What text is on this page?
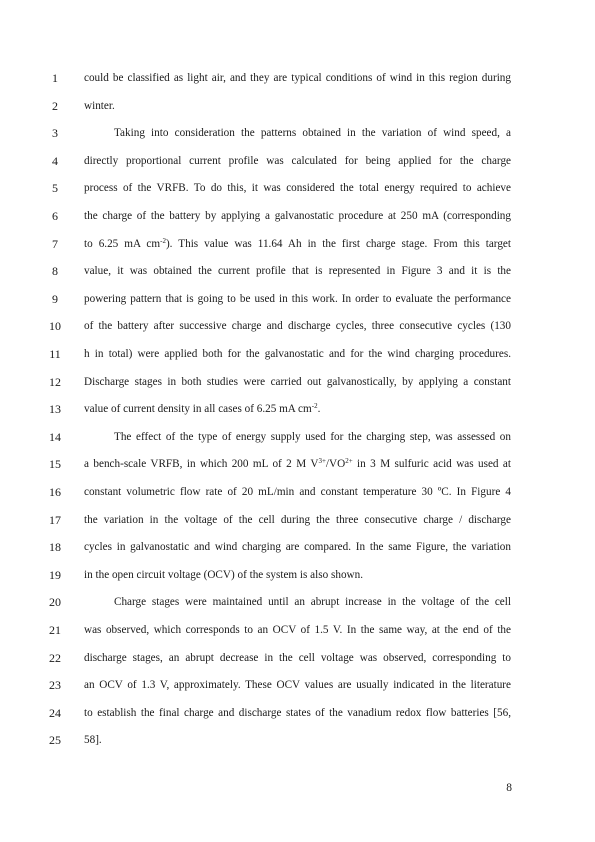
1	could be classified as light air, and they are typical conditions of wind in this region during
2	winter.
3	Taking into consideration the patterns obtained in the variation of wind speed, a
4	directly proportional current profile was calculated for being applied for the charge
5	process of the VRFB. To do this, it was considered the total energy required to achieve
6	the charge of the battery by applying a galvanostatic procedure at 250 mA (corresponding
7	to 6.25 mA $cm^{-2}$). This value was 11.64 Ah in the first charge stage. From this target
8	value, it was obtained the current profile that is represented in Figure 3 and it is the
9	powering pattern that is going to be used in this work. In order to evaluate the performance
10	of the battery after successive charge and discharge cycles, three consecutive cycles (130
11	h in total) were applied both for the galvanostatic and for the wind charging procedures.
12	Discharge stages in both studies were carried out galvanostically, by applying a constant
13	value of current density in all cases of 6.25 mA $cm^{-2}$.
14	The effect of the type of energy supply used for the charging step, was assessed on
15	a bench-scale VRFB, in which 200 mL of 2 M $V^{3+}/VO^{2+}$ in 3 M sulfuric acid was used at
16	constant volumetric flow rate of 20 mL/min and constant temperature 30 ºC. In Figure 4
17	the variation in the voltage of the cell during the three consecutive charge / discharge
18	cycles in galvanostatic and wind charging are compared. In the same Figure, the variation
19	in the open circuit voltage (OCV) of the system is also shown.
20	Charge stages were maintained until an abrupt increase in the voltage of the cell
21	was observed, which corresponds to an OCV of 1.5 V. In the same way, at the end of the
22	discharge stages, an abrupt decrease in the cell voltage was observed, corresponding to
23	an OCV of 1.3 V, approximately. These OCV values are usually indicated in the literature
24	to establish the final charge and discharge states of the vanadium redox flow batteries [56,
25	58].
8
